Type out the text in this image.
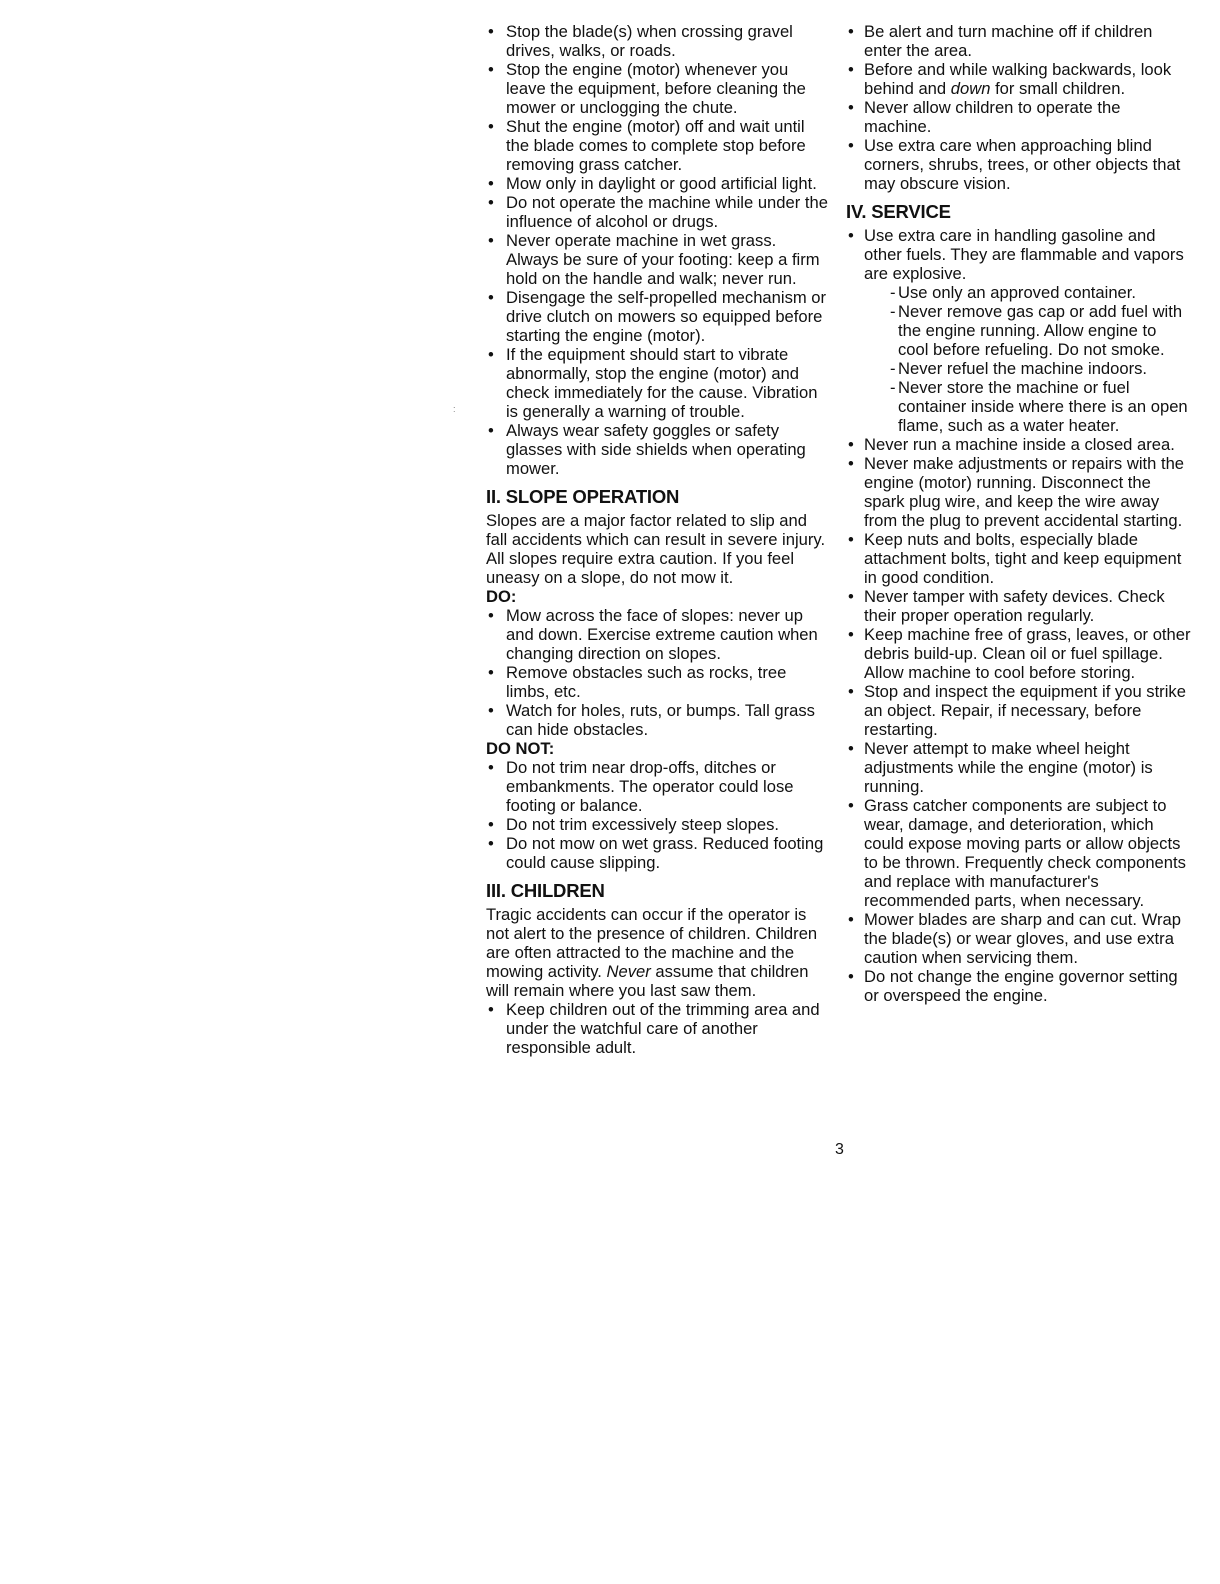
:
• Stop the blade(s) when crossing gravel drives, walks, or roads.
• Stop the engine (motor) whenever you leave the equipment, before cleaning the mower or unclogging the chute.
• Shut the engine (motor) off and wait until the blade comes to complete stop before removing grass catcher.
• Mow only in daylight or good artificial light.
• Do not operate the machine while under the influence of alcohol or drugs.
• Never operate machine in wet grass. Always be sure of your footing: keep a firm hold on the handle and walk; never run.
• Disengage the self-propelled mechanism or drive clutch on mowers so equipped before starting the engine (motor).
• If the equipment should start to vibrate abnormally, stop the engine (motor) and check immediately for the cause. Vibration is generally a warning of trouble.
• Always wear safety goggles or safety glasses with side shields when operating mower.
II. SLOPE OPERATION

Slopes are a major factor related to slip and fall accidents which can result in severe injury. All slopes require extra caution. If you feel uneasy on a slope, do not mow it.

DO:
• Mow across the face of slopes: never up and down. Exercise extreme caution when changing direction on slopes.
• Remove obstacles such as rocks, tree limbs, etc.
• Watch for holes, ruts, or bumps. Tall grass can hide obstacles.
DO NOT:
• Do not trim near drop-offs, ditches or embankments. The operator could lose footing or balance.
• Do not trim excessively steep slopes.
• Do not mow on wet grass. Reduced footing could cause slipping.
III. CHILDREN

Tragic accidents can occur if the operator is not alert to the presence of children. Children are often attracted to the machine and the mowing activity. Never assume that children will remain where you last saw them.

• Keep children out of the trimming area and under the watchful care of another responsible adult.
• Be alert and turn machine off if children enter the area.
• Before and while walking backwards, look behind and down for small children.
• Never allow children to operate the machine.
• Use extra care when approaching blind corners, shrubs, trees, or other objects that may obscure vision.
IV. SERVICE
• Use extra care in handling gasoline and other fuels. They are flammable and vapors are explosive.
- Use only an approved container.
- Never remove gas cap or add fuel with the engine running. Allow engine to cool before refueling. Do not smoke.
- Never refuel the machine indoors.
- Never store the machine or fuel container inside where there is an open flame, such as a water heater.
• Never run a machine inside a closed area.
• Never make adjustments or repairs with the engine (motor) running. Disconnect the spark plug wire, and keep the wire away from the plug to prevent accidental starting.
• Keep nuts and bolts, especially blade attachment bolts, tight and keep equipment in good condition.
• Never tamper with safety devices. Check their proper operation regularly.
• Keep machine free of grass, leaves, or other debris build-up. Clean oil or fuel spillage. Allow machine to cool before storing.
• Stop and inspect the equipment if you strike an object. Repair, if necessary, before restarting.
• Never attempt to make wheel height adjustments while the engine (motor) is running.
• Grass catcher components are subject to wear, damage, and deterioration, which could expose moving parts or allow objects to be thrown. Frequently check components and replace with manufacturer's recommended parts, when necessary.
• Mower blades are sharp and can cut. Wrap the blade(s) or wear gloves, and use extra caution when servicing them.
• Do not change the engine governor setting or overspeed the engine.
3
